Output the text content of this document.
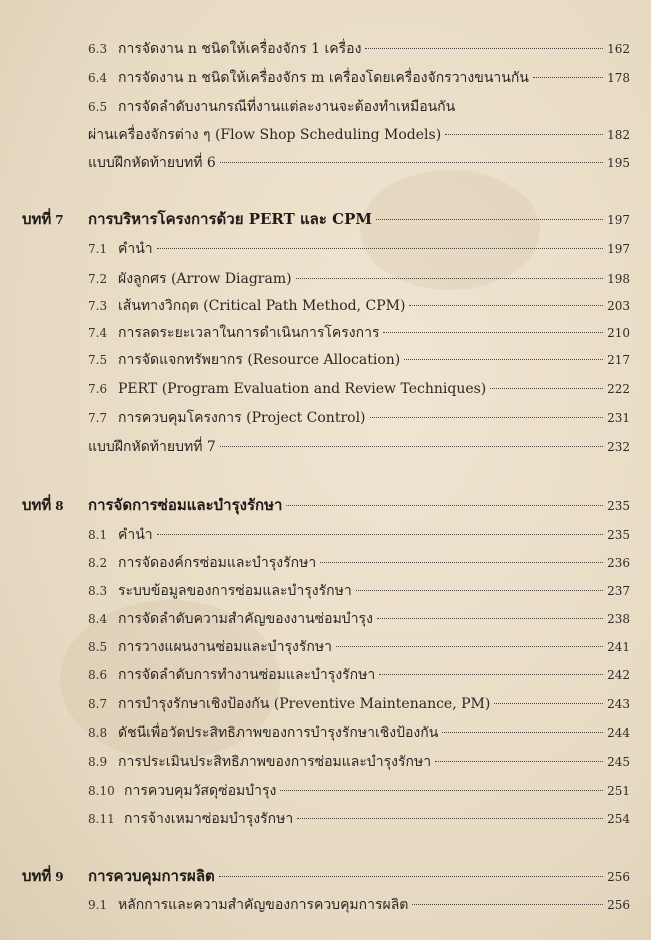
6.3 การจัดงาน n ชนิดให้เครื่องจักร 1 เครื่อง	162
6.4 การจัดงาน n ชนิดให้เครื่องจักร m เครื่องโดยเครื่องจักรวางขนานกัน	178
6.5 การจัดลำดับงานกรณีที่งานแต่ละงานจะต้องทำเหมือนกัน
ผ่านเครื่องจักรต่าง ๆ (Flow Shop Scheduling Models)	182
แบบฝึกหัดท้ายบทที่ 6	195
บทที่ 7 การบริหารโครงการด้วย PERT และ CPM	197
7.1 คำนำ	197
7.2 ผังลูกศร (Arrow Diagram)	198
7.3 เส้นทางวิกฤต (Critical Path Method, CPM)	203
7.4 การลดระยะเวลาในการดำเนินการโครงการ	210
7.5 การจัดแจกทรัพยากร (Resource Allocation)	217
7.6 PERT (Program Evaluation and Review Techniques)	222
7.7 การควบคุมโครงการ (Project Control)	231
แบบฝึกหัดท้ายบทที่ 7	232
บทที่ 8 การจัดการซ่อมและบำรุงรักษา	235
8.1 คำนำ	235
8.2 การจัดองค์กรซ่อมและบำรุงรักษา	236
8.3 ระบบข้อมูลของการซ่อมและบำรุงรักษา	237
8.4 การจัดลำดับความสำคัญของงานซ่อมบำรุง	238
8.5 การวางแผนงานซ่อมและบำรุงรักษา	241
8.6 การจัดลำดับการทำงานซ่อมและบำรุงรักษา	242
8.7 การบำรุงรักษาเชิงป้องกัน (Preventive Maintenance, PM)	243
8.8 ดัชนีเพื่อวัดประสิทธิภาพของการบำรุงรักษาเชิงป้องกัน	244
8.9 การประเมินประสิทธิภาพของการซ่อมและบำรุงรักษา	245
8.10 การควบคุมวัสดุซ่อมบำรุง	251
8.11 การจ้างเหมาซ่อมบำรุงรักษา	254
บทที่ 9 การควบคุมการผลิต	256
9.1 หลักการและความสำคัญของการควบคุมการผลิต	256
